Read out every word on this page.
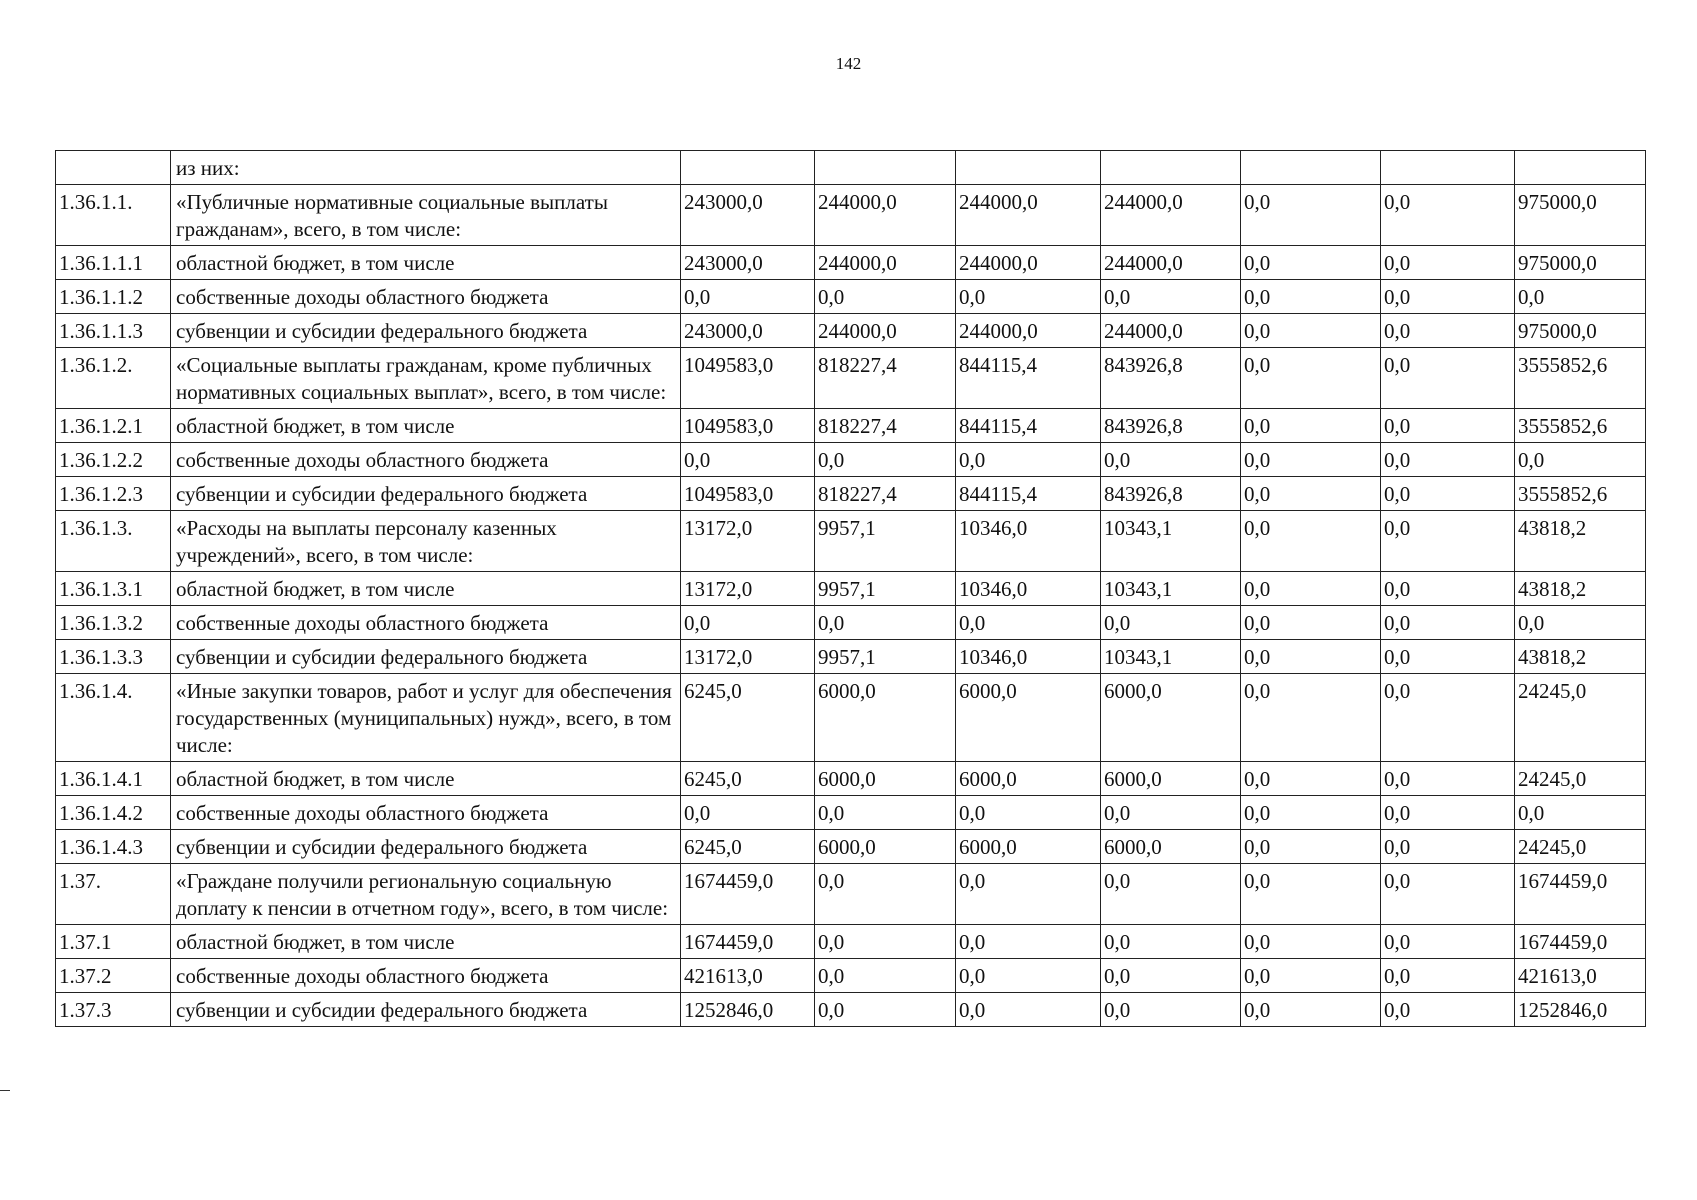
142
	из них:							
1.36.1.1.	«Публичные нормативные социальные выплаты гражданам», всего, в том числе:	243000,0	244000,0	244000,0	244000,0	0,0	0,0	975000,0
1.36.1.1.1	областной бюджет, в том числе	243000,0	244000,0	244000,0	244000,0	0,0	0,0	975000,0
1.36.1.1.2	собственные доходы областного бюджета	0,0	0,0	0,0	0,0	0,0	0,0	0,0
1.36.1.1.3	субвенции и субсидии федерального бюджета	243000,0	244000,0	244000,0	244000,0	0,0	0,0	975000,0
1.36.1.2.	«Социальные выплаты гражданам, кроме публичных нормативных социальных выплат», всего, в том числе:	1049583,0	818227,4	844115,4	843926,8	0,0	0,0	3555852,6
1.36.1.2.1	областной бюджет, в том числе	1049583,0	818227,4	844115,4	843926,8	0,0	0,0	3555852,6
1.36.1.2.2	собственные доходы областного бюджета	0,0	0,0	0,0	0,0	0,0	0,0	0,0
1.36.1.2.3	субвенции и субсидии федерального бюджета	1049583,0	818227,4	844115,4	843926,8	0,0	0,0	3555852,6
1.36.1.3.	«Расходы на выплаты персоналу казенных учреждений», всего, в том числе:	13172,0	9957,1	10346,0	10343,1	0,0	0,0	43818,2
1.36.1.3.1	областной бюджет, в том числе	13172,0	9957,1	10346,0	10343,1	0,0	0,0	43818,2
1.36.1.3.2	собственные доходы областного бюджета	0,0	0,0	0,0	0,0	0,0	0,0	0,0
1.36.1.3.3	субвенции и субсидии федерального бюджета	13172,0	9957,1	10346,0	10343,1	0,0	0,0	43818,2
1.36.1.4.	«Иные закупки товаров, работ и услуг для обеспечения государственных (муниципальных) нужд», всего, в том числе:	6245,0	6000,0	6000,0	6000,0	0,0	0,0	24245,0
1.36.1.4.1	областной бюджет, в том числе	6245,0	6000,0	6000,0	6000,0	0,0	0,0	24245,0
1.36.1.4.2	собственные доходы областного бюджета	0,0	0,0	0,0	0,0	0,0	0,0	0,0
1.36.1.4.3	субвенции и субсидии федерального бюджета	6245,0	6000,0	6000,0	6000,0	0,0	0,0	24245,0
1.37.	«Граждане получили региональную социальную доплату к пенсии в отчетном году», всего, в том числе:	1674459,0	0,0	0,0	0,0	0,0	0,0	1674459,0
1.37.1	областной бюджет, в том числе	1674459,0	0,0	0,0	0,0	0,0	0,0	1674459,0
1.37.2	собственные доходы областного бюджета	421613,0	0,0	0,0	0,0	0,0	0,0	421613,0
1.37.3	субвенции и субсидии федерального бюджета	1252846,0	0,0	0,0	0,0	0,0	0,0	1252846,0
